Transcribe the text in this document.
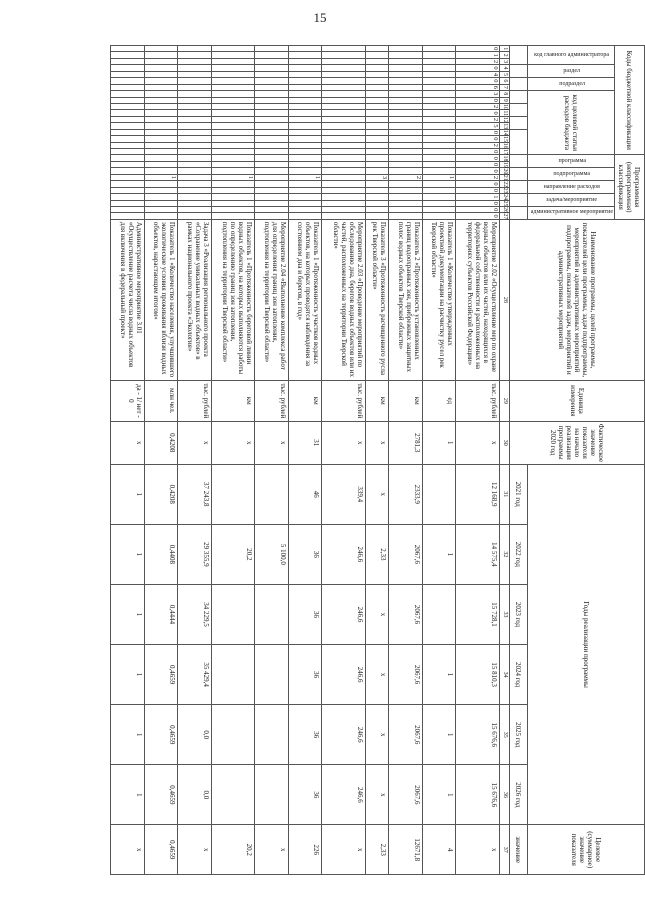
15
Коды бюджетной классификации																	Программная (непрограммная) классификация										Наименование программы, целей программы, показателей цели программы, задач подпрограммы, мероприятий и административных мероприятий подпрограммы, показателей задач, мероприятий и административных мероприятий	Единица измерения	Фактическое значение показателя на начало реализации программы 2020 год	Годы реализации программы						Целевое (суммарное) значение показателя
код главного администратора			раздел		подраздел		код целевой статьи расходов бюджета										программа		подпрограмма		направление расходов		задача/мероприятие		административное мероприятие											
																														2021 год	2022 год	2023 год	2024 год	2025 год	2026 год	значение
1	2	3	4	5	6	7	8	9	10	11	12	13	14	15	16	17	18	19	20	21	22	23	24	25	26	27	28	29	30	31	32	33	34	35	36	37
0	1	2	0	4	0	6	3	0	2	0	2	5	0	0	2	0	0	0	0	2	0	0	1	0	0	0	Мероприятие 2.02 «Осуществление мер по охране водных объектов или их частей, находящихся в федеральной собственности и расположенных на территориях субъектов Российской Федерации»	тыс. рублей	x	12 168,9	14 575,4	15 728,1	15 810,3	15 676,6	15 676,6	x
																				1							Показатель 1 «Количество утвержденных проектной документации на расчистку русел рек Тверской области»	ед	1		1		1	1	1	4
																				2							Показатель 2 «Протяженность установленных границ водоохранных зон, прибрежных защитных полос водных объектов Тверской области»	км	2781,3	2333,9	2067,6	2067,6	2067,6	2067,6	2067,6	12671,8
																				3							Показатель 3 «Протяженность расчищенного русла рек Тверской области»	км	x	x	2,33	x	x	x	x	2,33
																											Мероприятие 2.03 «Проведение мероприятий по обследованию дна, берегов водных объектов или их частей, расположенных на территории Тверской области»	тыс. рублей	x	339,4	246,6	246,6	246,6	246,6	246,6	x
																				1							Показатель 1 «Протяженность участков водных объектов, на которых проводятся наблюдения за состоянием дна и берегов, в год»	км	31	46	36	36	36	36	36	226
																											Мероприятие 2.04 «Выполнение комплекса работ для определения границ зон затопления, подтопления на территории Тверской области»	тыс. рублей	x		5 100,0					x
																				1							Показатель 1 «Протяженность береговой линии водных объектов, на которых выполняются работы по определению границ зон затопления, подтопления на территории Тверской области»	км	x		20,2					20,2
																											Задача 3 «Реализация регионального проекта «Сохранение уникальных водных объектов» в рамках национального проекта «Экология»	тыс. рублей	x	37 243,8	29 355,9	34 229,5	35 429,4	0,0	0,0	x
																				1							Показатель 1 «Количество населения, улучшившего экологические условия проживания вблизи водных объектов, нарастающим итогом»	млн чел.	0,4208	0,4208	0,4408	0,4444	0,4659	0,4659	0,4659	0,4659
																											Административное мероприятие 3.01 «Осуществление расчета числа водных объектов для включения в федеральный проект»	да - 1/ нет - 0	x	1	1	1	1	1	1	x
